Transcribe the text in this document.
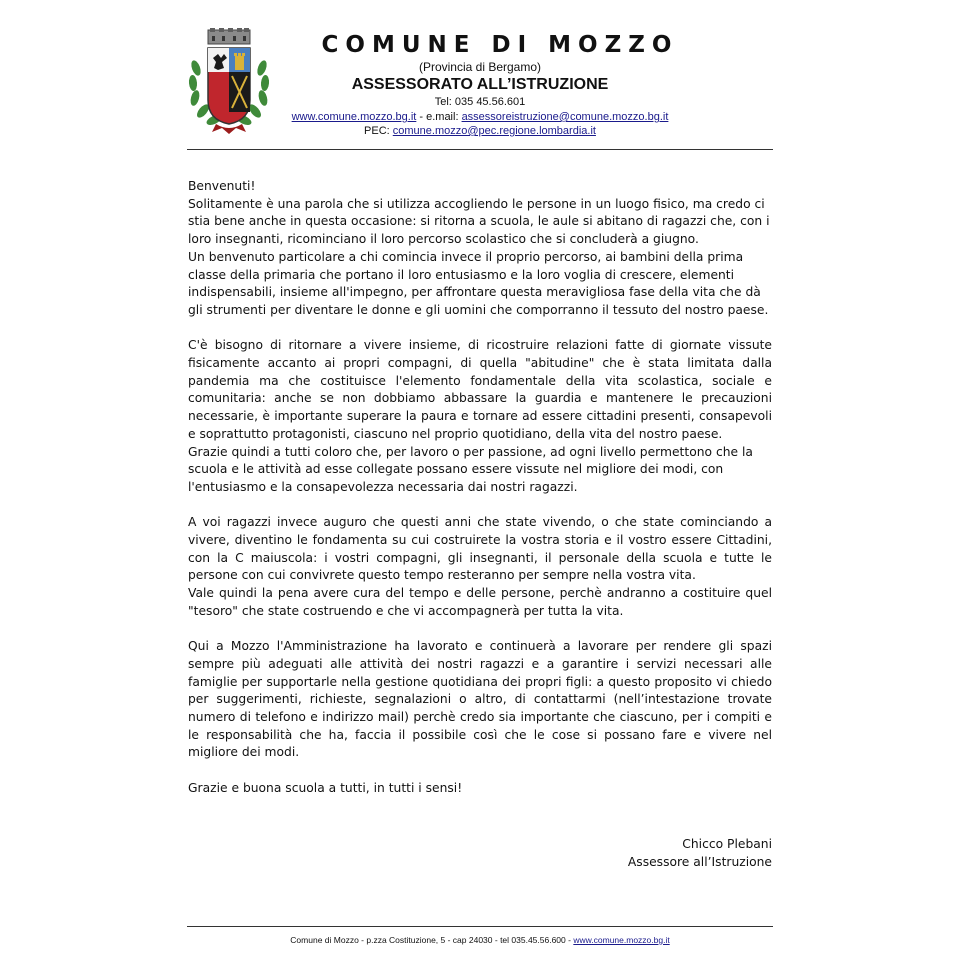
COMUNE DI MOZZO
(Provincia di Bergamo)
ASSESSORATO ALL’ISTRUZIONE
Tel: 035 45.56.601
www.comune.mozzo.bg.it - e.mail: assessoreistruzione@comune.mozzo.bg.it
PEC: comune.mozzo@pec.regione.lombardia.it

Benvenuti!

Solitamente è una parola che si utilizza accogliendo le persone in un luogo fisico, ma credo ci stia bene anche in questa occasione: si ritorna a scuola, le aule si abitano di ragazzi che, con i loro insegnanti, ricominciano il loro percorso scolastico che si concluderà a giugno.

Un benvenuto particolare a chi comincia invece il proprio percorso, ai bambini della prima classe della primaria che portano il loro entusiasmo e la loro voglia di crescere, elementi indispensabili, insieme all'impegno, per affrontare questa meravigliosa fase della vita che dà gli strumenti per diventare le donne e gli uomini che comporranno il tessuto del nostro paese.

C'è bisogno di ritornare a vivere insieme, di ricostruire relazioni fatte di giornate vissute fisicamente accanto ai propri compagni, di quella "abitudine" che è stata limitata dalla pandemia ma che costituisce l'elemento fondamentale della vita scolastica, sociale e comunitaria: anche se non dobbiamo abbassare la guardia e mantenere le precauzioni necessarie, è importante superare la paura e tornare ad essere cittadini presenti, consapevoli e soprattutto protagonisti, ciascuno nel proprio quotidiano, della vita del nostro paese.

Grazie quindi a tutti coloro che, per lavoro o per passione, ad ogni livello permettono che la scuola e le attività ad esse collegate possano essere vissute nel migliore dei modi, con l'entusiasmo e la consapevolezza necessaria dai nostri ragazzi.

A voi ragazzi invece auguro che questi anni che state vivendo, o che state cominciando a vivere, diventino le fondamenta su cui costruirete la vostra storia e il vostro essere Cittadini, con la C maiuscola: i vostri compagni, gli insegnanti, il personale della scuola e tutte le persone con cui convivrete questo tempo resteranno per sempre nella vostra vita.

Vale quindi la pena avere cura del tempo e delle persone, perchè andranno a costituire quel "tesoro" che state costruendo e che vi accompagnerà per tutta la vita.

Qui a Mozzo l'Amministrazione ha lavorato e continuerà a lavorare per rendere gli spazi sempre più adeguati alle attività dei nostri ragazzi e a garantire i servizi necessari alle famiglie per supportarle nella gestione quotidiana dei propri figli: a questo proposito vi chiedo per suggerimenti, richieste, segnalazioni o altro, di contattarmi (nell’intestazione trovate numero di telefono e indirizzo mail) perchè credo sia importante che ciascuno, per i compiti e le responsabilità che ha, faccia il possibile così che le cose si possano fare e vivere nel migliore dei modi.

Grazie e buona scuola a tutti, in tutti i sensi!

Chicco Plebani
Assessore all’Istruzione
Comune di Mozzo - p.zza Costituzione, 5 - cap 24030 - tel 035.45.56.600 - www.comune.mozzo.bg.it
